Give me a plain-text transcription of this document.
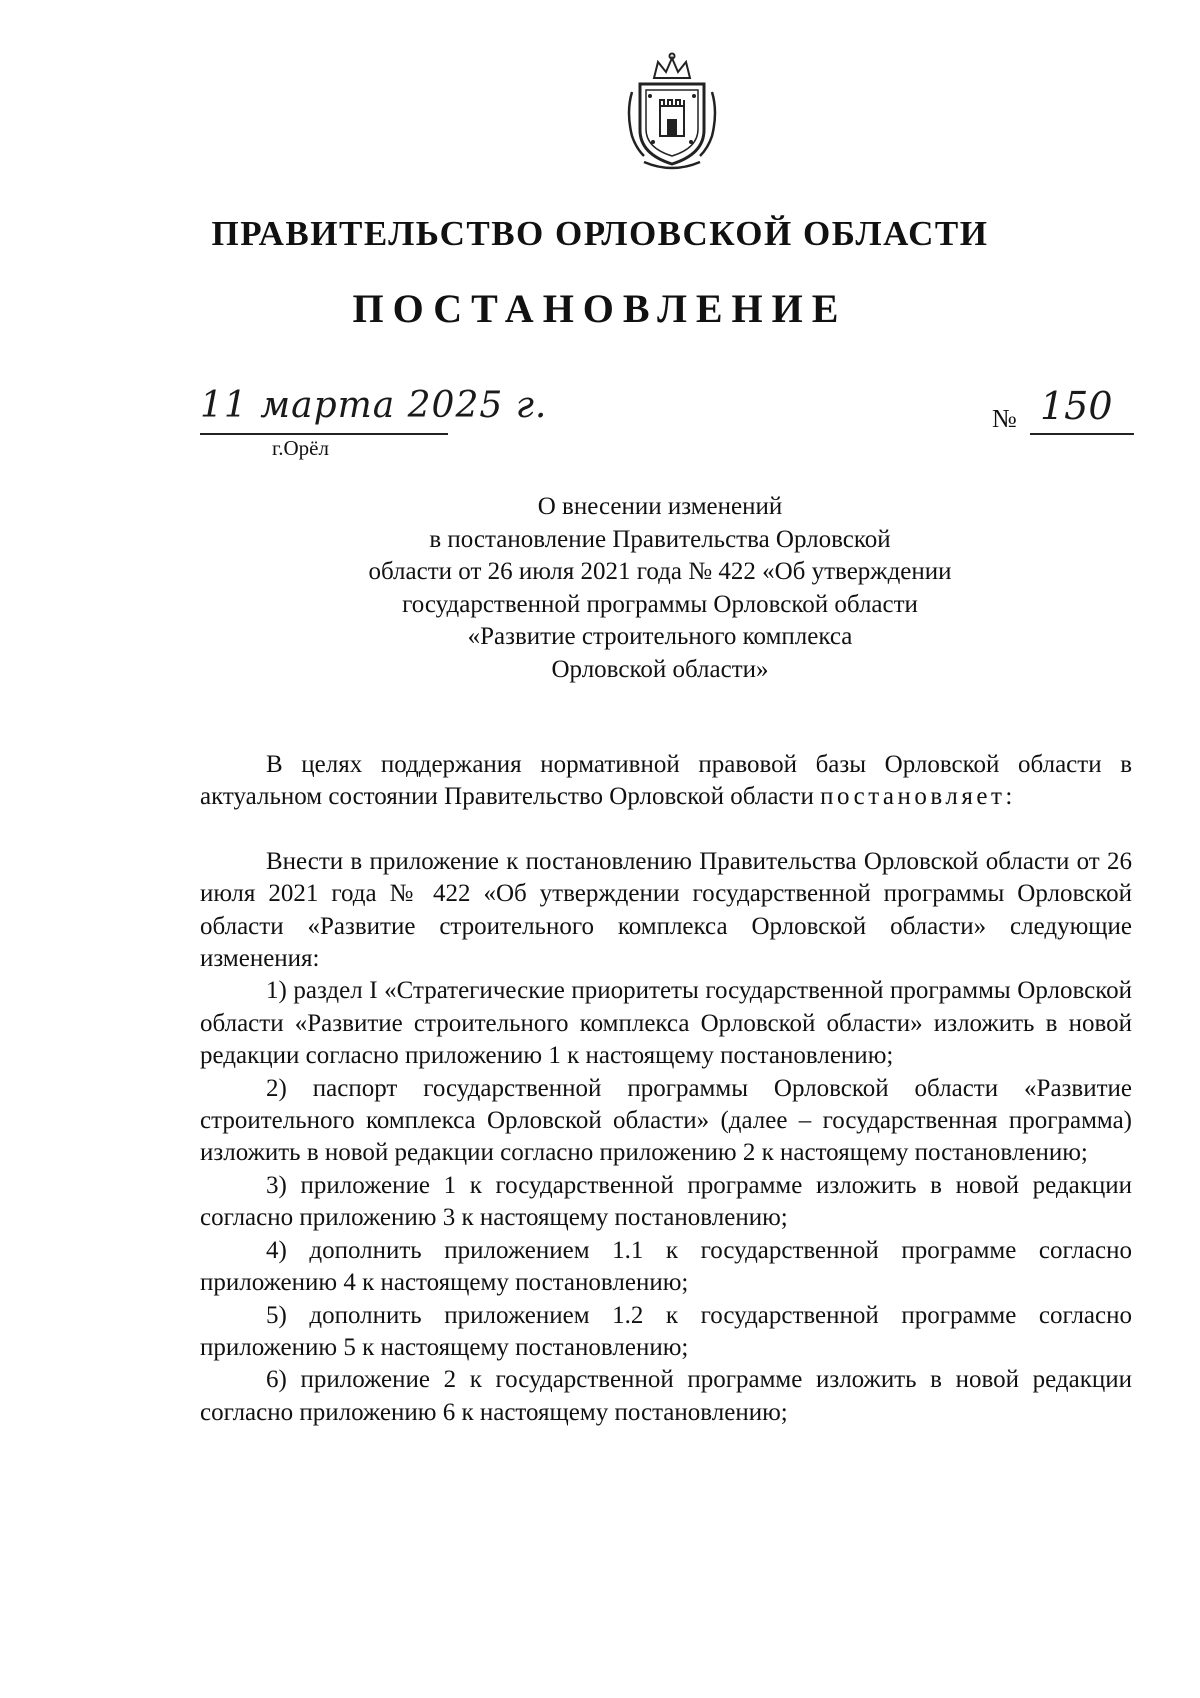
ПРАВИТЕЛЬСТВО ОРЛОВСКОЙ ОБЛАСТИ
ПОСТАНОВЛЕНИЕ
11 марта 2025 г.
г.Орёл
№ 150
О внесении изменений
в постановление Правительства Орловской
области от 26 июля 2021 года № 422 «Об утверждении
государственной программы Орловской области
«Развитие строительного комплекса
Орловской области»

В целях поддержания нормативной правовой базы Орловской области в актуальном состоянии Правительство Орловской области постановляет:

Внести в приложение к постановлению Правительства Орловской области от 26 июля 2021 года № 422 «Об утверждении государственной программы Орловской области «Развитие строительного комплекса Орловской области» следующие изменения:

1) раздел I «Стратегические приоритеты государственной программы Орловской области «Развитие строительного комплекса Орловской области» изложить в новой редакции согласно приложению 1 к настоящему постановлению;

2) паспорт государственной программы Орловской области «Развитие строительного комплекса Орловской области» (далее – государственная программа) изложить в новой редакции согласно приложению 2 к настоящему постановлению;

3) приложение 1 к государственной программе изложить в новой редакции согласно приложению 3 к настоящему постановлению;

4) дополнить приложением 1.1 к государственной программе согласно приложению 4 к настоящему постановлению;

5) дополнить приложением 1.2 к государственной программе согласно приложению 5 к настоящему постановлению;

6) приложение 2 к государственной программе изложить в новой редакции согласно приложению 6 к настоящему постановлению;
